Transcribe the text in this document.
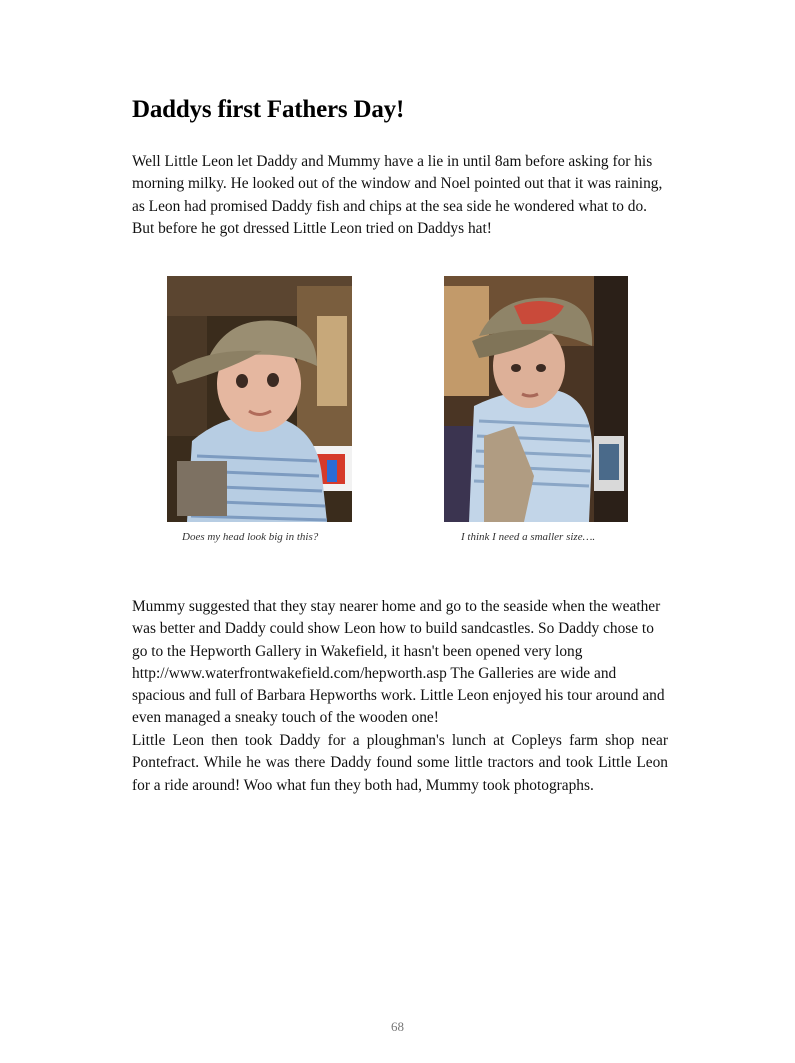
Daddys first Fathers Day!

Well Little Leon let Daddy and Mummy have a lie in until 8am before asking for his morning milky. He looked out of the window and Noel pointed out that it was raining, as Leon had promised Daddy fish and chips at the sea side he wondered what to do. But before he got dressed Little Leon tried on Daddys hat!

Does my head look big in this?	I think I need a smaller size….

Mummy suggested that they stay nearer home and go to the seaside when the weather was better and Daddy could show Leon how to build sandcastles. So Daddy chose to go to the Hepworth Gallery in Wakefield, it hasn't been opened very long http://www.waterfrontwakefield.com/hepworth.asp The Galleries are wide and spacious and full of Barbara Hepworths work. Little Leon enjoyed his tour around and even managed a sneaky touch of the wooden one!

Little Leon then took Daddy for a ploughman's lunch at Copleys farm shop near Pontefract. While he was there Daddy found some little tractors and took Little Leon for a ride around! Woo what fun they both had, Mummy took photographs.

68
